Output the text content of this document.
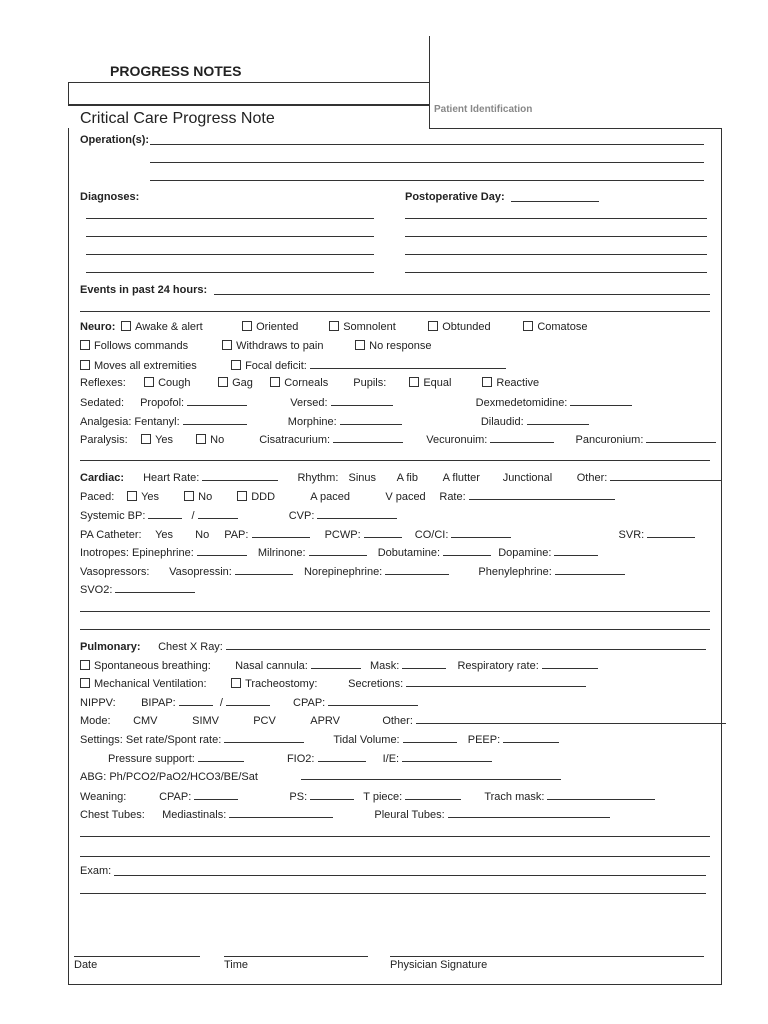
PROGRESS NOTES
Critical Care Progress Note
Patient Identification
Operation(s):
Diagnoses:	Postoperative Day:
Events in past 24 hours:
Neuro: Awake & alert	Oriented	Somnolent	Obtunded	Comatose
Follows commands	Withdraws to pain	No response
Moves all extremities	Focal deficit:
Reflexes:	Cough	Gag	Corneals Pupils:	Equal	Reactive
Sedated: Propofol:	Versed:	Dexmedetomidine:
Analgesia: Fentanyl:	Morphine:	Dilaudid:
Paralysis: Yes	No	Cisatracurium:	Vecuronuim:	Pancuronium:
Cardiac: Heart Rate:	Rhythm: Sinus A fib A flutter Junctional Other:
Paced: Yes	No	DDD	A paced	V paced Rate:
Systemic BP:	/	CVP:
PA Catheter: Yes No PAP:	PCWP:	CO/CI:	SVR:
Inotropes: Epinephrine:	Milrinone:	Dobutamine:	Dopamine:
Vasopressors: Vasopressin:	Norepinephrine:	Phenylephrine:
SVO2:
Pulmonary: Chest X Ray:
Spontaneous breathing: Nasal cannula:	Mask:	Respiratory rate:
Mechanical Ventilation:	Tracheostomy:	Secretions:
NIPPV: BIPAP:	/	CPAP:
Mode: CMV	SIMV	PCV	APRV	Other:
Settings: Set rate/Spont rate:	Tidal Volume:	PEEP:
Pressure support:	FIO2:	I/E:
ABG: Ph/PCO2/PaO2/HCO3/BE/Sat
Weaning:	CPAP:	PS:	T piece:	Trach mask:
Chest Tubes: Mediastinals:	Pleural Tubes:
Exam:
Date	Time	Physician Signature
